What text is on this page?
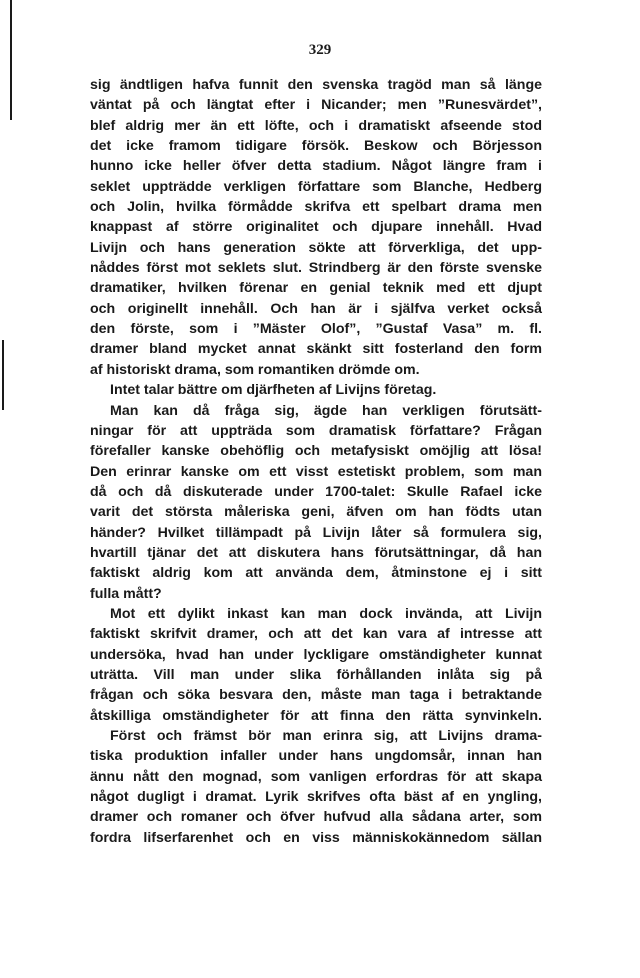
329
sig ändtligen hafva funnit den svenska tragöd man så länge
väntat på och längtat efter i Nicander; men ”Runesvärdet”,
blef aldrig mer än ett löfte, och i dramatiskt afseende stod
det icke framom tidigare försök. Beskow och Börjesson
hunno icke heller öfver detta stadium. Något längre fram i
seklet uppträdde verkligen författare som Blanche, Hedberg
och Jolin, hvilka förmådde skrifva ett spelbart drama men
knappast af större originalitet och djupare innehåll. Hvad
Livijn och hans generation sökte att förverkliga, det upp-
nåddes först mot seklets slut. Strindberg är den förste svenske
dramatiker, hvilken förenar en genial teknik med ett djupt
och originellt innehåll. Och han är i själfva verket också
den förste, som i ”Mäster Olof”, ”Gustaf Vasa” m. fl.
dramer bland mycket annat skänkt sitt fosterland den form
af historiskt drama, som romantiken drömde om.
Intet talar bättre om djärfheten af Livijns företag.
Man kan då fråga sig, ägde han verkligen förutsätt-
ningar för att uppträda som dramatisk författare? Frågan
förefaller kanske obehöflig och metafysiskt omöjlig att lösa!
Den erinrar kanske om ett visst estetiskt problem, som man
då och då diskuterade under 1700-talet: Skulle Rafael icke
varit det största måleriska geni, äfven om han födts utan
händer? Hvilket tillämpadt på Livijn låter så formulera sig,
hvartill tjänar det att diskutera hans förutsättningar, då han
faktiskt aldrig kom att använda dem, åtminstone ej i sitt
fulla mått?
Mot ett dylikt inkast kan man dock invända, att Livijn
faktiskt skrifvit dramer, och att det kan vara af intresse att
undersöka, hvad han under lyckligare omständigheter kunnat
uträtta. Vill man under slika förhållanden inlåta sig på
frågan och söka besvara den, måste man taga i betraktande
åtskilliga omständigheter för att finna den rätta synvinkeln.
Först och främst bör man erinra sig, att Livijns drama-
tiska produktion infaller under hans ungdomsår, innan han
ännu nått den mognad, som vanligen erfordras för att skapa
något dugligt i dramat. Lyrik skrifves ofta bäst af en yngling,
dramer och romaner och öfver hufvud alla sådana arter, som
fordra lifserfarenhet och en viss människokännedom sällan
